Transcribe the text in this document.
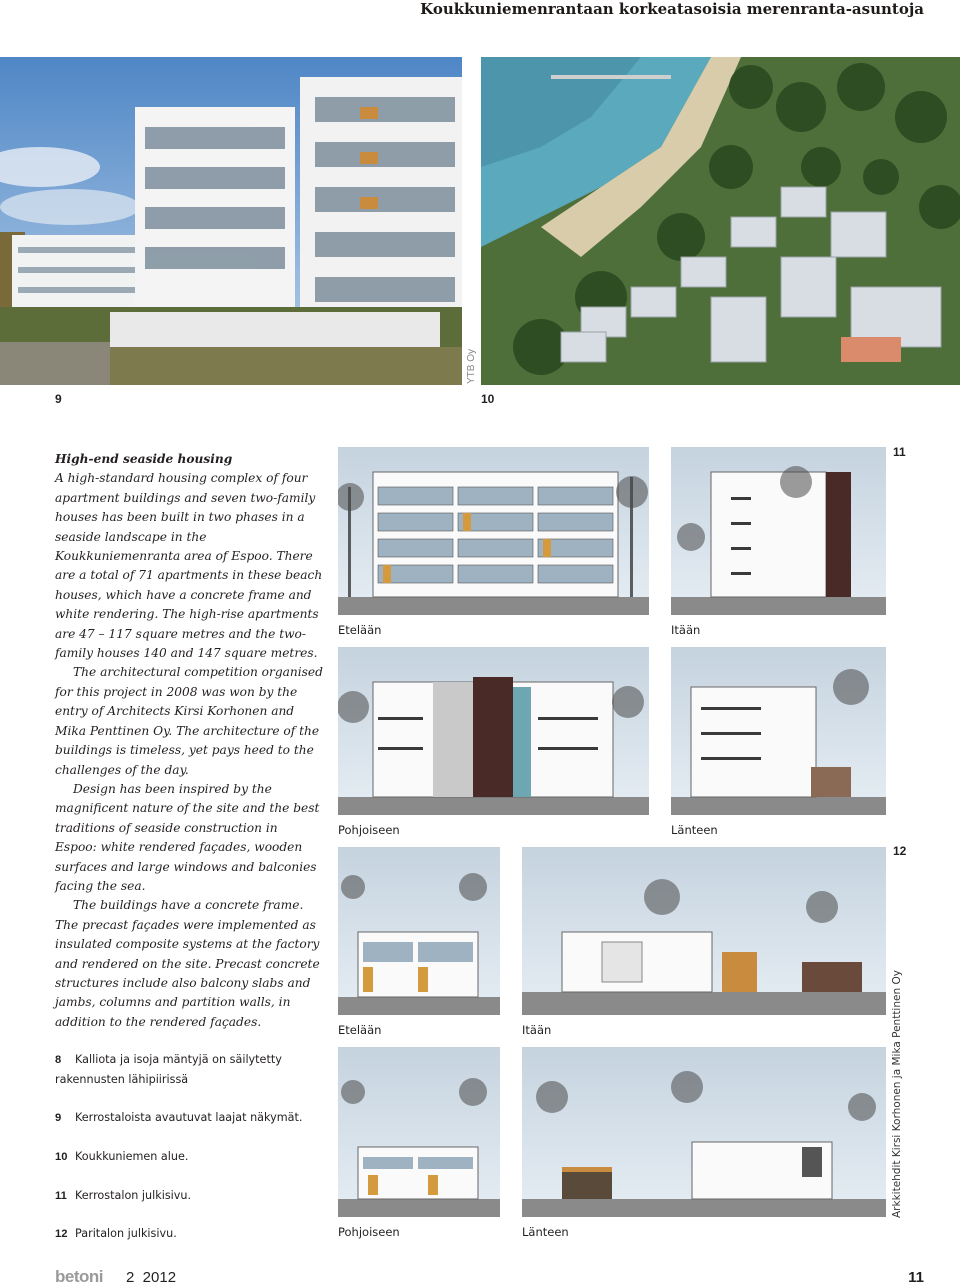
Koukkuniemenrantaan korkeatasoisia merenranta-asuntoja
9
YTB Oy
10
High-end seaside housing

A high-standard housing complex of four apartment buildings and seven two-family houses has been built in two phases in a seaside landscape in the Koukkuniemenranta area of Espoo. There are a total of 71 apartments in these beach houses, which have a concrete frame and white rendering. The high-rise apartments are 47 – 117 square metres and the two-family houses 140 and 147 square metres.

The architectural competition organised for this project in 2008 was won by the entry of Architects Kirsi Korhonen and Mika Penttinen Oy. The architecture of the buildings is timeless, yet pays heed to the challenges of the day.

Design has been inspired by the magnificent nature of the site and the best traditions of seaside construction in Espoo: white rendered façades, wooden surfaces and large windows and balconies facing the sea.

The buildings have a concrete frame. The precast façades were implemented as insulated composite systems at the factory and rendered on the site. Precast concrete structures include also balcony slabs and jambs, columns and partition walls, in addition to the rendered façades.

8 Kalliota ja isoja mäntyjä on säilytetty rakennusten lähipiirissä
9 Kerrostaloista avautuvat laajat näkymät.
10 Koukkuniemen alue.
11 Kerrostalon julkisivu.
12 Paritalon julkisivu.
11
Etelään	Itään
Pohjoiseen	Länteen
12
Etelään	Itään
Pohjoiseen	Länteen
Arkkitehdit Kirsi Korhonen ja Mika Penttinen Oy
betoni 2  2012	11
